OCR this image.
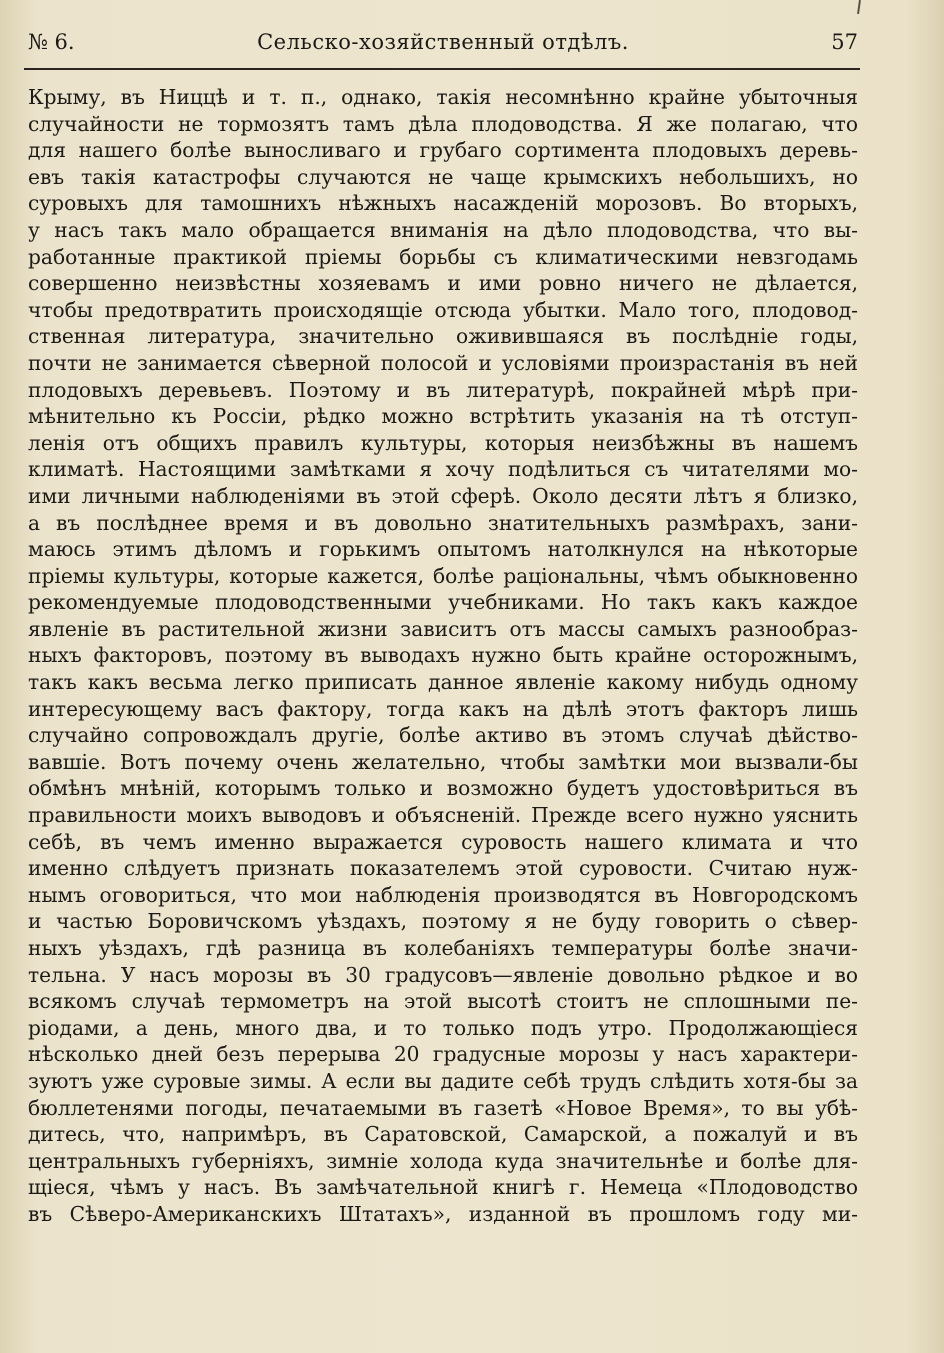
№ 6.	Сельско-хозяйственный отдѣлъ.	57
Крыму, въ Ниццѣ и т. п., однако, такія несомнѣнно крайне убыточныя
случайности не тормозятъ тамъ дѣла плодоводства. Я же полагаю, что
для нашего болѣе выносливаго и грубаго сортимента плодовыхъ деревь-
евъ такія катастрофы случаются не чаще крымскихъ небольшихъ, но
суровыхъ для тамошнихъ нѣжныхъ насажденій морозовъ. Во вторыхъ,
у насъ такъ мало обращается вниманія на дѣло плодоводства, что вы-
работанные практикой пріемы борьбы съ климатическими невзгодамь
совершенно неизвѣстны хозяевамъ и ими ровно ничего не дѣлается,
чтобы предотвратить происходящіе отсюда убытки. Мало того, плодовод-
ственная литература, значительно оживившаяся въ послѣдніе годы,
почти не занимается сѣверной полосой и условіями произрастанія въ ней
плодовыхъ деревьевъ. Поэтому и въ литературѣ, покрайней мѣрѣ при-
мѣнительно къ Россіи, рѣдко можно встрѣтить указанія на тѣ отступ-
ленія отъ общихъ правилъ культуры, которыя неизбѣжны въ нашемъ
климатѣ. Настоящими замѣтками я хочу подѣлиться съ читателями мо-
ими личными наблюденіями въ этой сферѣ. Около десяти лѣтъ я близко,
а въ послѣднее время и въ довольно знатительныхъ размѣрахъ, зани-
маюсь этимъ дѣломъ и горькимъ опытомъ натолкнулся на нѣкоторые
пріемы культуры, которые кажется, болѣе раціональны, чѣмъ обыкновенно
рекомендуемые плодоводственными учебниками. Но такъ какъ каждое
явленіе въ растительной жизни зависитъ отъ массы самыхъ разнообраз-
ныхъ факторовъ, поэтому въ выводахъ нужно быть крайне осторожнымъ,
такъ какъ весьма легко приписать данное явленіе какому нибудь одному
интересующему васъ фактору, тогда какъ на дѣлѣ этотъ факторъ лишь
случайно сопровождалъ другіе, болѣе активо въ этомъ случаѣ дѣйство-
вавшіе. Вотъ почему очень желательно, чтобы замѣтки мои вызвали-бы
обмѣнъ мнѣній, которымъ только и возможно будетъ удостовѣриться въ
правильности моихъ выводовъ и объясненій. Прежде всего нужно уяснить
себѣ, въ чемъ именно выражается суровость нашего климата и что
именно слѣдуетъ признать показателемъ этой суровости. Считаю нуж-
нымъ оговориться, что мои наблюденія производятся въ Новгородскомъ
и частью Боровичскомъ уѣздахъ, поэтому я не буду говорить о сѣвер-
ныхъ уѣздахъ, гдѣ разница въ колебаніяхъ температуры болѣе значи-
тельна. У насъ морозы въ 30 градусовъ—явленіе довольно рѣдкое и во
всякомъ случаѣ термометръ на этой высотѣ стоитъ не сплошными пе-
ріодами, а день, много два, и то только подъ утро. Продолжающіеся
нѣсколько дней безъ перерыва 20 градусные морозы у насъ характери-
зуютъ уже суровые зимы. А если вы дадите себѣ трудъ слѣдить хотя-бы за
бюллетенями погоды, печатаемыми въ газетѣ «Новое Время», то вы убѣ-
дитесь, что, напримѣръ, въ Саратовской, Самарской, а пожалуй и въ
центральныхъ губерніяхъ, зимніе холода куда значительнѣе и болѣе для-
щіеся, чѣмъ у насъ. Въ замѣчательной книгѣ г. Немеца «Плодоводство
въ Сѣверо-Американскихъ Штатахъ», изданной въ прошломъ году ми-
